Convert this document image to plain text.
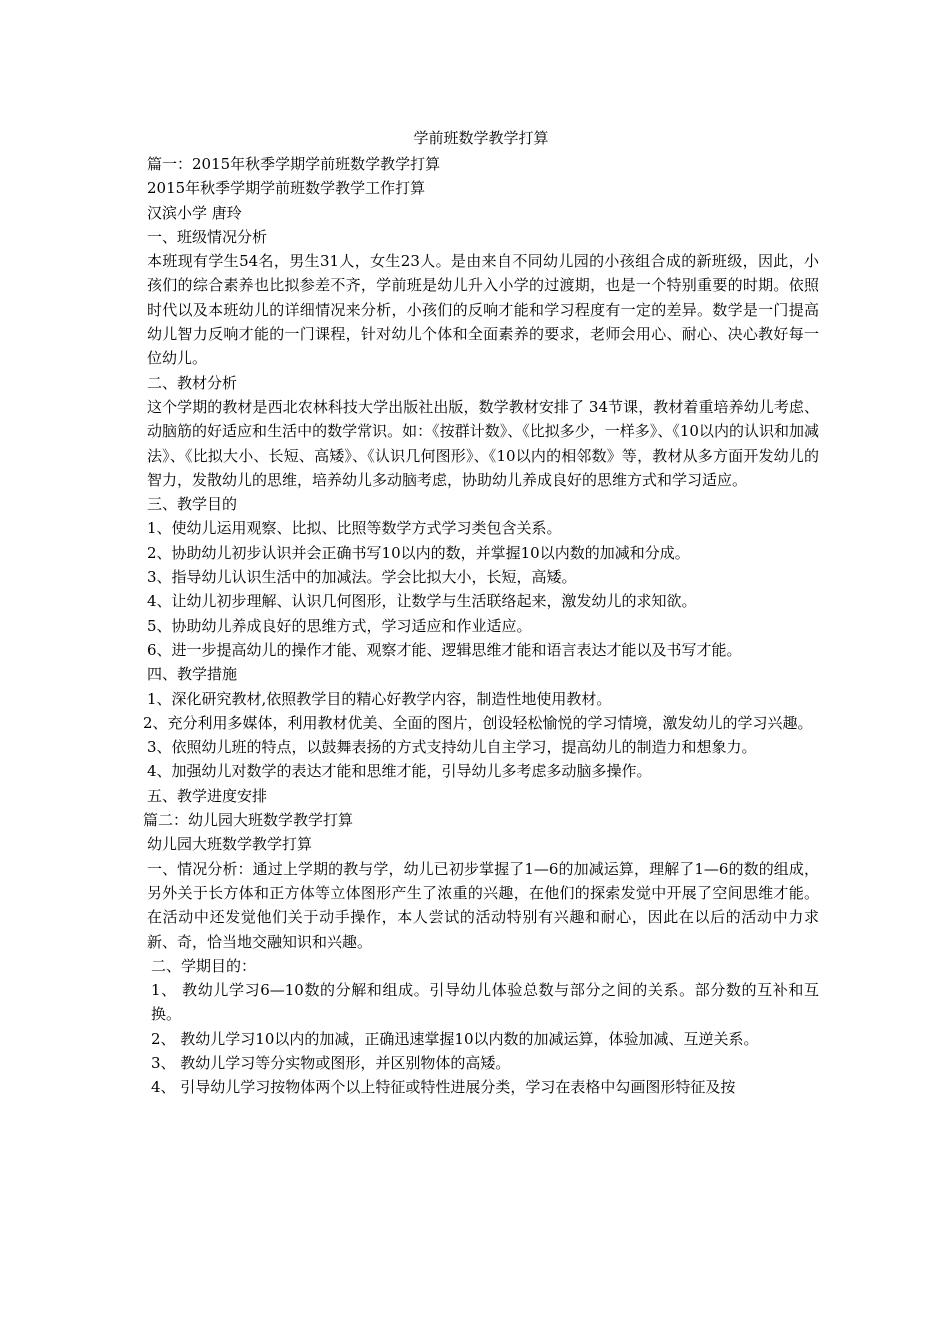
学前班数学教学打算

篇一：2015年秋季学期学前班数学教学打算

2015年秋季学期学前班数学教学工作打算

汉滨小学 唐玲

一、班级情况分析

本班现有学生54名，男生31人，女生23人。是由来自不同幼儿园的小孩组合成的新班级，因此，小孩们的综合素养也比拟参差不齐，学前班是幼儿升入小学的过渡期，也是一个特别重要的时期。依照时代以及本班幼儿的详细情况来分析，小孩们的反响才能和学习程度有一定的差异。数学是一门提高幼儿智力反响才能的一门课程，针对幼儿个体和全面素养的要求，老师会用心、耐心、决心教好每一位幼儿。

二、教材分析

这个学期的教材是西北农林科技大学出版社出版，数学教材安排了 34节课，教材着重培养幼儿考虑、动脑筋的好适应和生活中的数学常识。如：《按群计数》、《比拟多少，一样多》、《10以内的认识和加减法》、《比拟大小、长短、高矮》、《认识几何图形》、《10以内的相邻数》等，教材从多方面开发幼儿的智力，发散幼儿的思维，培养幼儿多动脑考虑，协助幼儿养成良好的思维方式和学习适应。

三、教学目的

1、使幼儿运用观察、比拟、比照等数学方式学习类包含关系。

2、协助幼儿初步认识并会正确书写10以内的数，并掌握10以内数的加减和分成。

3、指导幼儿认识生活中的加减法。学会比拟大小，长短，高矮。

4、让幼儿初步理解、认识几何图形，让数学与生活联络起来，激发幼儿的求知欲。

5、协助幼儿养成良好的思维方式，学习适应和作业适应。

6、进一步提高幼儿的操作才能、观察才能、逻辑思维才能和语言表达才能以及书写才能。

四、教学措施

1、深化研究教材,依照教学目的精心好教学内容，制造性地使用教材。

2、充分利用多媒体，利用教材优美、全面的图片，创设轻松愉悦的学习情境，激发幼儿的学习兴趣。

3、依照幼儿班的特点，以鼓舞表扬的方式支持幼儿自主学习，提高幼儿的制造力和想象力。

4、加强幼儿对数学的表达才能和思维才能，引导幼儿多考虑多动脑多操作。

五、教学进度安排

篇二：幼儿园大班数学教学打算

幼儿园大班数学教学打算

一、情况分析：通过上学期的教与学，幼儿已初步掌握了1—6的加减运算，理解了1—6的数的组成，另外关于长方体和正方体等立体图形产生了浓重的兴趣，在他们的探索发觉中开展了空间思维才能。在活动中还发觉他们关于动手操作，本人尝试的活动特别有兴趣和耐心，因此在以后的活动中力求新、奇，恰当地交融知识和兴趣。

二、学期目的：

1、 教幼儿学习6—10数的分解和组成。引导幼儿体验总数与部分之间的关系。部分数的互补和互换。

2、 教幼儿学习10以内的加减，正确迅速掌握10以内数的加减运算，体验加减、互逆关系。

3、 教幼儿学习等分实物或图形，并区别物体的高矮。

4、 引导幼儿学习按物体两个以上特征或特性进展分类，学习在表格中勾画图形特征及按
